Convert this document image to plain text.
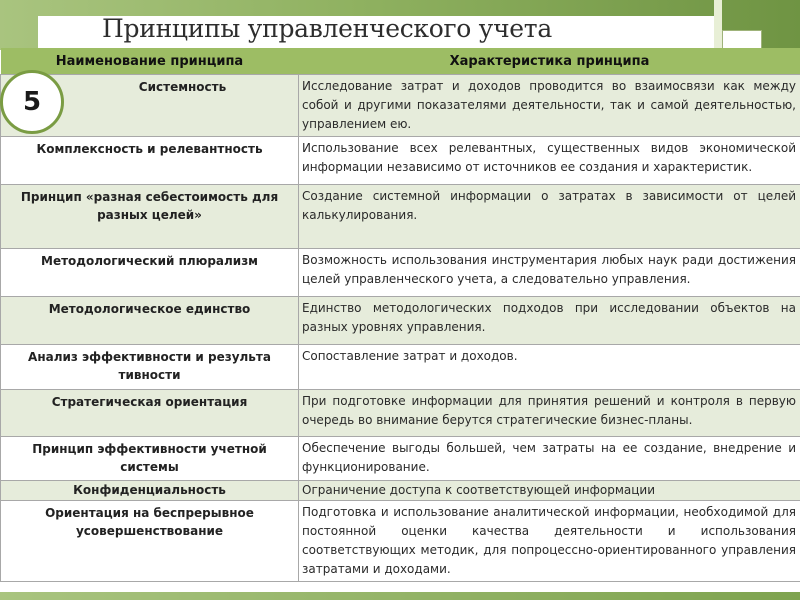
Принципы управленческого учета
Наименование принципа	Характеристика принципа
Системность	Исследование затрат и доходов проводится во взаимосвязи как между собой и другими показателями деятельности, так и самой деятельностью, управлением ею.
Комплексность и релевантность	Использование всех релевантных, существенных видов экономической информации независимо от источников ее создания и характеристик.
Принцип «разная себестоимость для разных целей»	Создание системной информации о затратах в зависимости от целей калькулирования.
Методологический плюрализм	Возможность использования инструментария любых наук ради достижения целей управленческого учета, а следовательно управления.
Методологическое единство	Единство методологических подходов при исследовании объектов на разных уровнях управления.
Анализ эффективности и результа тивности	Сопоставление затрат и доходов.
Стратегическая ориентация	При подготовке информации для принятия решений и контроля в первую очередь во внимание берутся стратегические бизнес-планы.
Принцип эффективности учетной системы	Обеспечение выгоды большей, чем затраты на ее создание, внедрение и функционирование.
Конфиденциальность	Ограничение доступа к соответствующей информации
Ориентация на беспрерывное усовершенствование	Подготовка и использование аналитической информации, необходимой для постоянной оценки качества деятельности и использования соответствующих методик, для попроцессно-ориентированного управления затратами и доходами.
5
